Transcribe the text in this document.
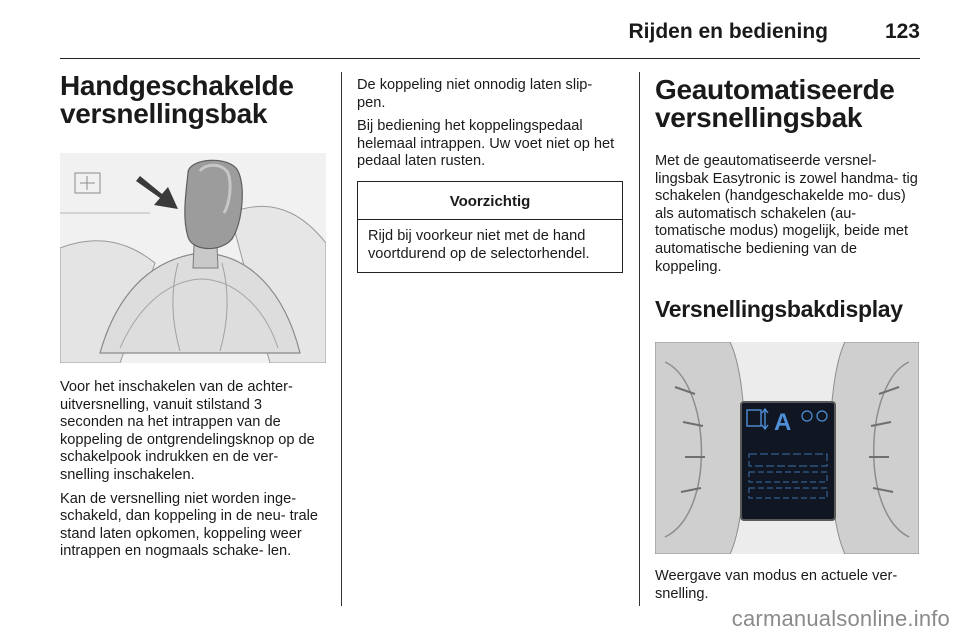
Rijden en bediening	123
Handgeschakelde versnellingsbak

Voor het inschakelen van de achter- uitversnelling, vanuit stilstand 3 seconden na het intrappen van de koppeling de ontgrendelingsknop op de schakelpook indrukken en de ver- snelling inschakelen.

Kan de versnelling niet worden inge- schakeld, dan koppeling in de neu- trale stand laten opkomen, koppeling weer intrappen en nogmaals schake- len.

De koppeling niet onnodig laten slip- pen.

Bij bediening het koppelingspedaal helemaal intrappen. Uw voet niet op het pedaal laten rusten.

Voorzichtig

Rijd bij voorkeur niet met de hand voortdurend op de selectorhendel.

Geautomatiseerde versnellingsbak

Met de geautomatiseerde versnel- lingsbak Easytronic is zowel handma- tig schakelen (handgeschakelde mo- dus) als automatisch schakelen (au- tomatische modus) mogelijk, beide met automatische bediening van de koppeling.

Versnellingsbakdisplay
A

Weergave van modus en actuele ver- snelling.

carmanualsonline.info
